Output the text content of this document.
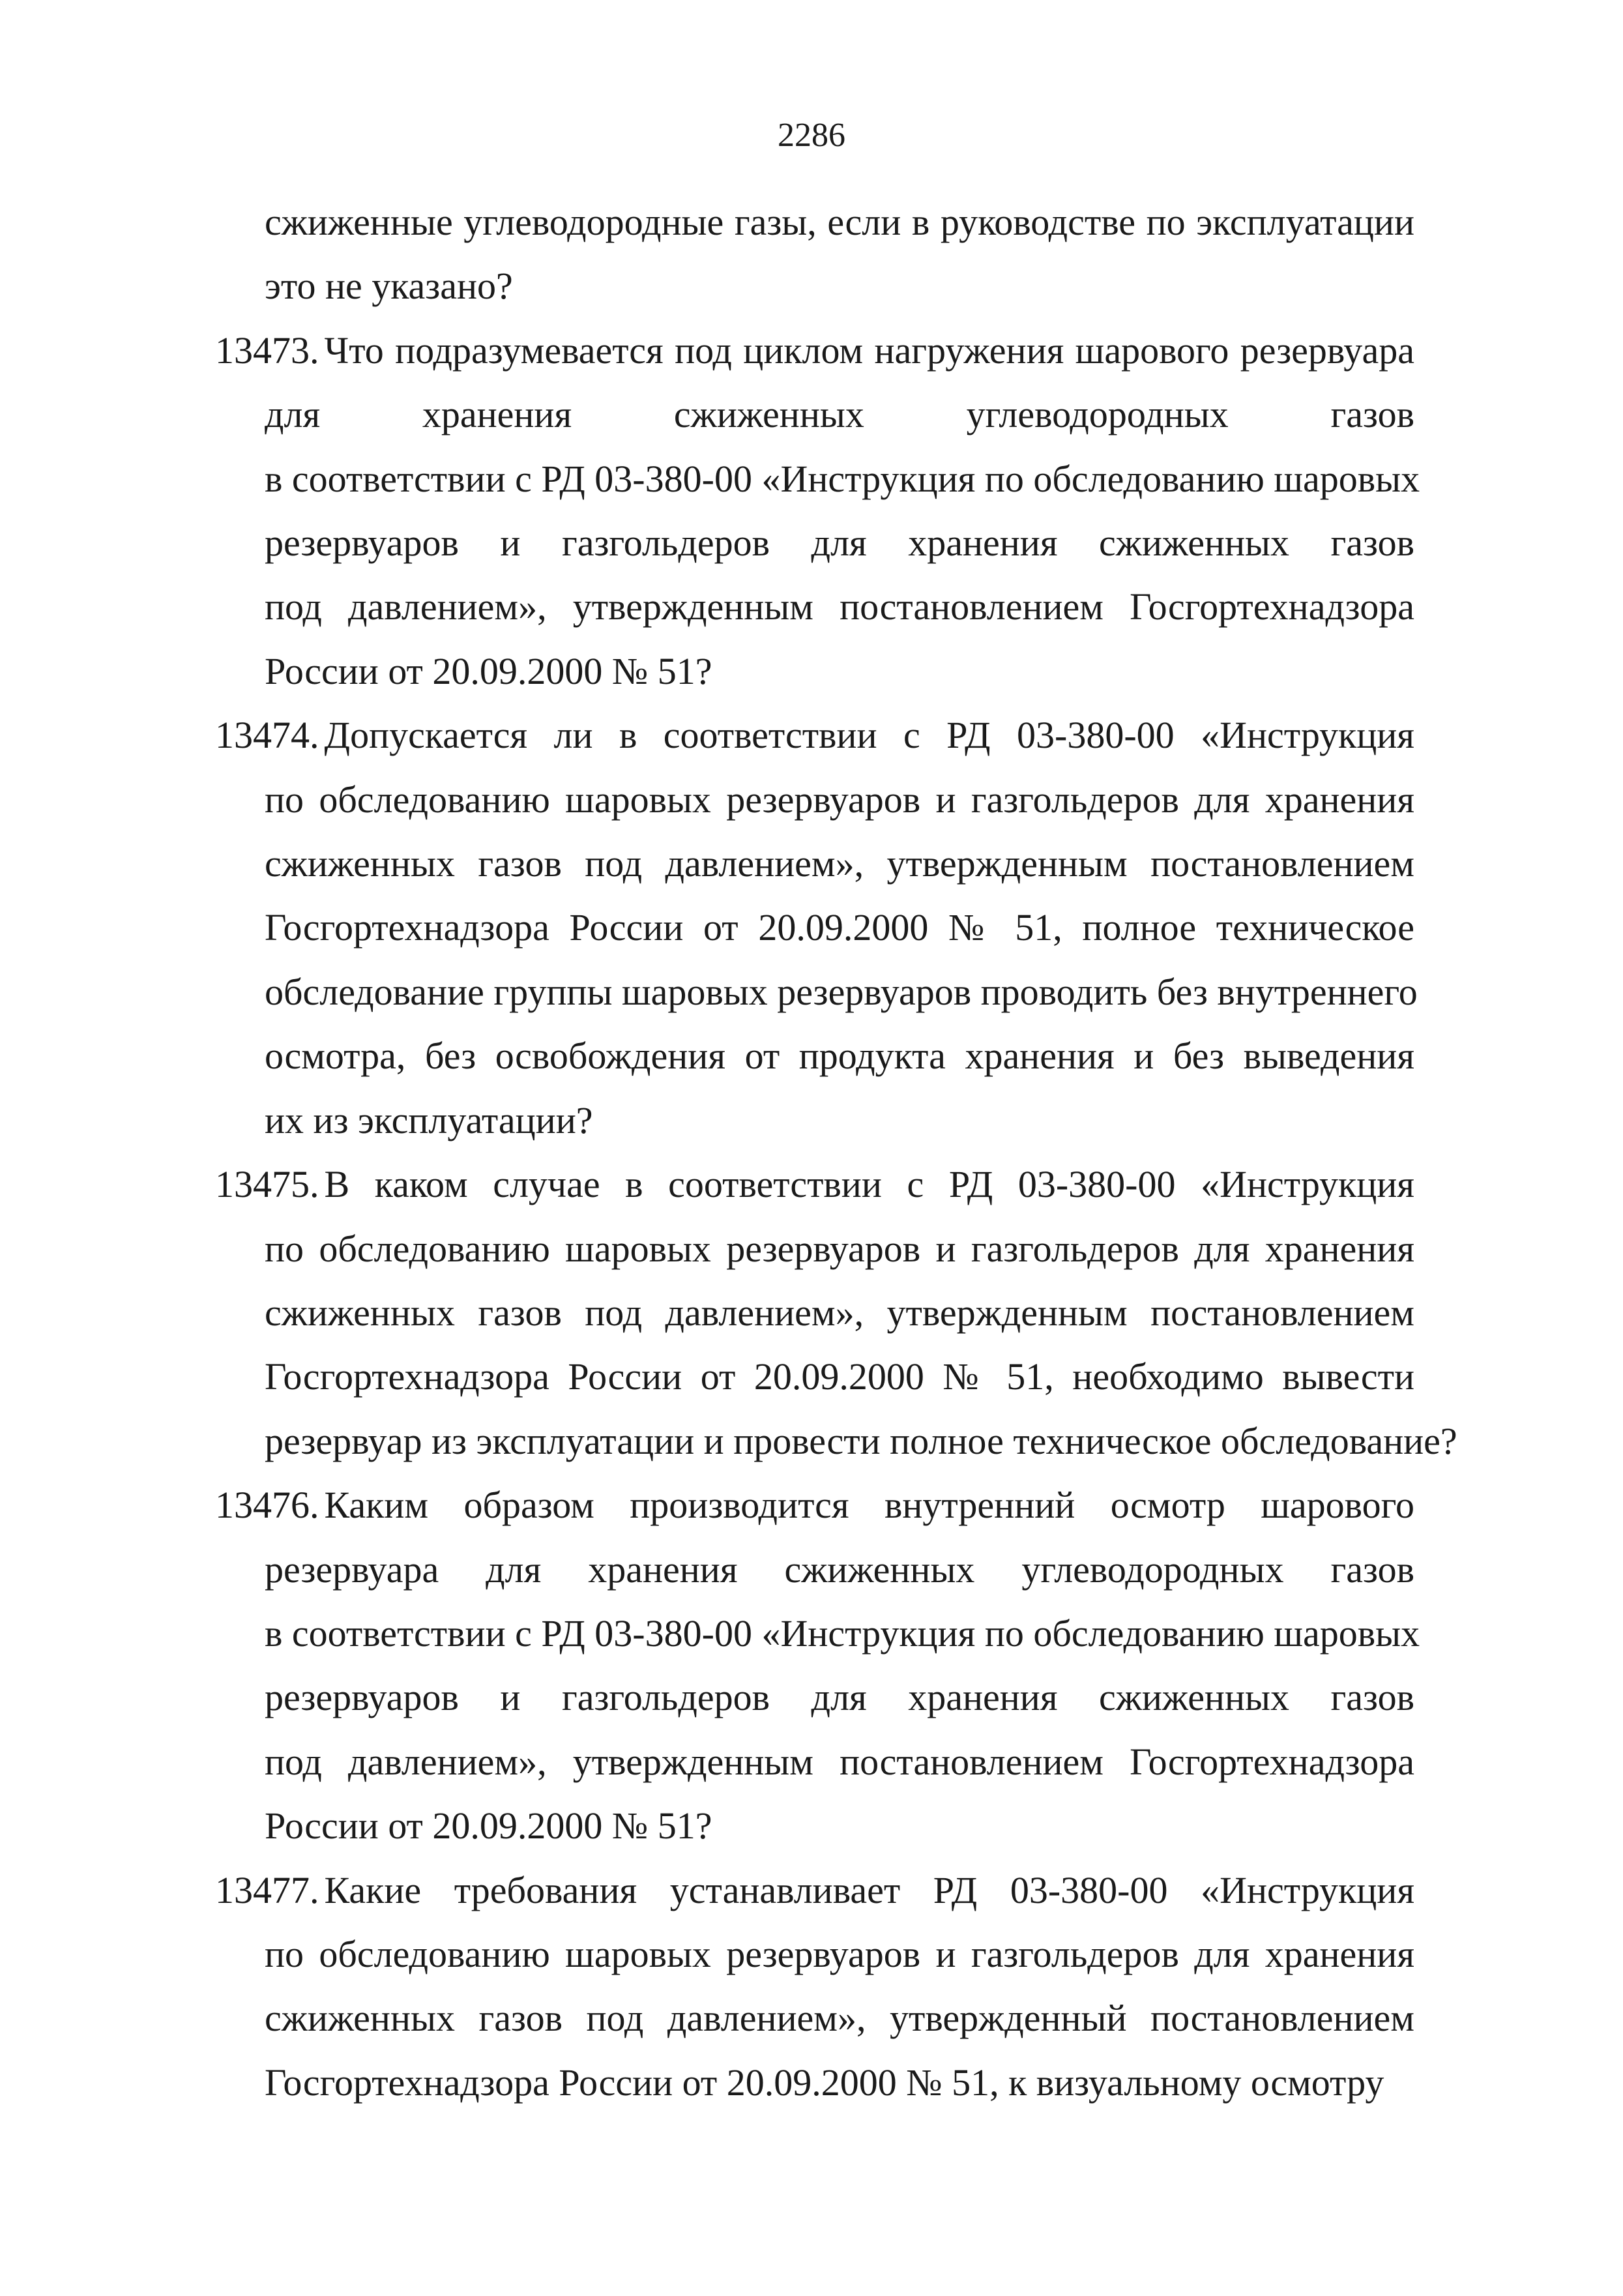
2286
сжиженные углеводородные газы, если в руководстве по эксплуатации
это не указано?
13473. Что подразумевается под циклом нагружения шарового резервуара
для хранения сжиженных углеводородных газов
в соответствии с РД 03-380-00 «Инструкция по обследованию шаровых
резервуаров и газгольдеров для хранения сжиженных газов
под давлением», утвержденным постановлением Госгортехнадзора
России от 20.09.2000 № 51?
13474. Допускается ли в соответствии с РД 03-380-00 «Инструкция
по обследованию шаровых резервуаров и газгольдеров для хранения
сжиженных газов под давлением», утвержденным постановлением
Госгортехнадзора России от 20.09.2000 № 51, полное техническое
обследование группы шаровых резервуаров проводить без внутреннего
осмотра, без освобождения от продукта хранения и без выведения
их из эксплуатации?
13475. В каком случае в соответствии с РД 03-380-00 «Инструкция
по обследованию шаровых резервуаров и газгольдеров для хранения
сжиженных газов под давлением», утвержденным постановлением
Госгортехнадзора России от 20.09.2000 № 51, необходимо вывести
резервуар из эксплуатации и провести полное техническое обследование?
13476. Каким образом производится внутренний осмотр шарового
резервуара для хранения сжиженных углеводородных газов
в соответствии с РД 03-380-00 «Инструкция по обследованию шаровых
резервуаров и газгольдеров для хранения сжиженных газов
под давлением», утвержденным постановлением Госгортехнадзора
России от 20.09.2000 № 51?
13477. Какие требования устанавливает РД 03-380-00 «Инструкция
по обследованию шаровых резервуаров и газгольдеров для хранения
сжиженных газов под давлением», утвержденный постановлением
Госгортехнадзора России от 20.09.2000 № 51, к визуальному осмотру
